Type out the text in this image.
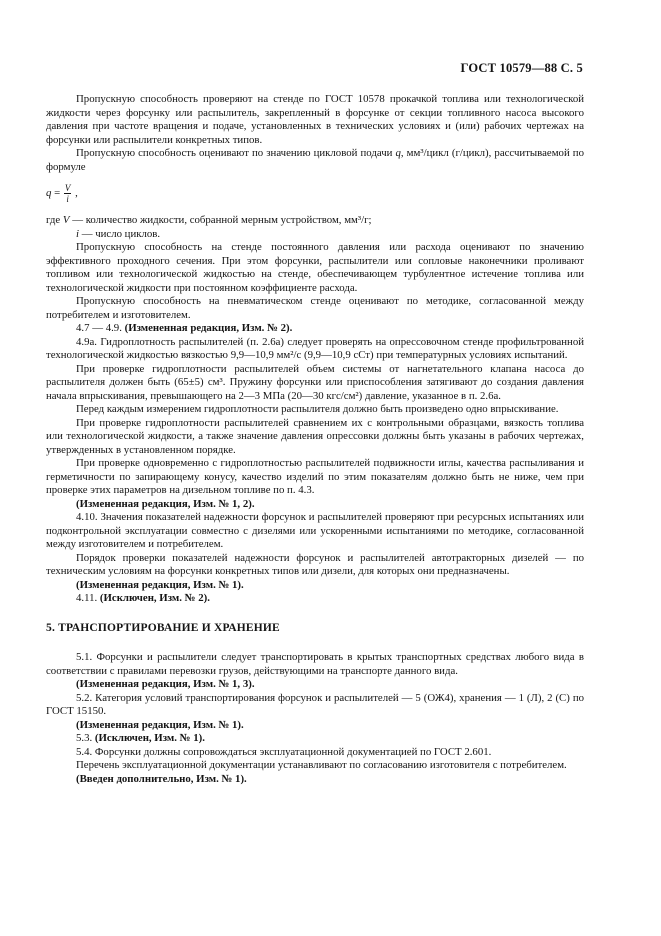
ГОСТ 10579—88 С. 5

Пропускную способность проверяют на стенде по ГОСТ 10578 прокачкой топлива или технологической жидкости через форсунку или распылитель, закрепленный в форсунке от секции топливного насоса высокого давления при частоте вращения и подаче, установленных в технических условиях и (или) рабочих чертежах на форсунки или распылители конкретных типов.

Пропускную способность оценивают по значению цикловой подачи q, мм³/цикл (г/цикл), рассчитываемой по формуле

$q = \frac{V}{i}$ ,

где V — количество жидкости, собранной мерным устройством, мм³/г;

i — число циклов.

Пропускную способность на стенде постоянного давления или расхода оценивают по значению эффективного проходного сечения. При этом форсунки, распылители или сопловые наконечники проливают топливом или технологической жидкостью на стенде, обеспечивающем турбулентное истечение топлива или технологической жидкости при постоянном коэффициенте расхода.

Пропускную способность на пневматическом стенде оценивают по методике, согласованной между потребителем и изготовителем.

4.7 — 4.9. (Измененная редакция, Изм. № 2).

4.9а. Гидроплотность распылителей (п. 2.6а) следует проверять на опрессовочном стенде профильтрованной технологической жидкостью вязкостью 9,9—10,9 мм²/с (9,9—10,9 сСт) при температурных условиях испытаний.

При проверке гидроплотности распылителей объем системы от нагнетательного клапана насоса до распылителя должен быть (65±5) см³. Пружину форсунки или приспособления затягивают до создания давления начала впрыскивания, превышающего на 2—3 МПа (20—30 кгс/см²) давление, указанное в п. 2.6а.

Перед каждым измерением гидроплотности распылителя должно быть произведено одно впрыскивание.

При проверке гидроплотности распылителей сравнением их с контрольными образцами, вязкость топлива или технологической жидкости, а также значение давления опрессовки должны быть указаны в рабочих чертежах, утвержденных в установленном порядке.

При проверке одновременно с гидроплотностью распылителей подвижности иглы, качества распыливания и герметичности по запирающему конусу, качество изделий по этим показателям должно быть не ниже, чем при проверке этих параметров на дизельном топливе по п. 4.3.

(Измененная редакция, Изм. № 1, 2).

4.10. Значения показателей надежности форсунок и распылителей проверяют при ресурсных испытаниях или подконтрольной эксплуатации совместно с дизелями или ускоренными испытаниями по методике, согласованной между изготовителем и потребителем.

Порядок проверки показателей надежности форсунок и распылителей автотракторных дизелей — по техническим условиям на форсунки конкретных типов или дизели, для которых они предназначены.

(Измененная редакция, Изм. № 1).

4.11. (Исключен, Изм. № 2).

5. ТРАНСПОРТИРОВАНИЕ И ХРАНЕНИЕ

5.1. Форсунки и распылители следует транспортировать в крытых транспортных средствах любого вида в соответствии с правилами перевозки грузов, действующими на транспорте данного вида.

(Измененная редакция, Изм. № 1, 3).

5.2. Категория условий транспортирования форсунок и распылителей — 5 (ОЖ4), хранения — 1 (Л), 2 (С) по ГОСТ 15150.

(Измененная редакция, Изм. № 1).

5.3. (Исключен, Изм. № 1).

5.4. Форсунки должны сопровождаться эксплуатационной документацией по ГОСТ 2.601.

Перечень эксплуатационной документации устанавливают по согласованию изготовителя с потребителем.

(Введен дополнительно, Изм. № 1).
